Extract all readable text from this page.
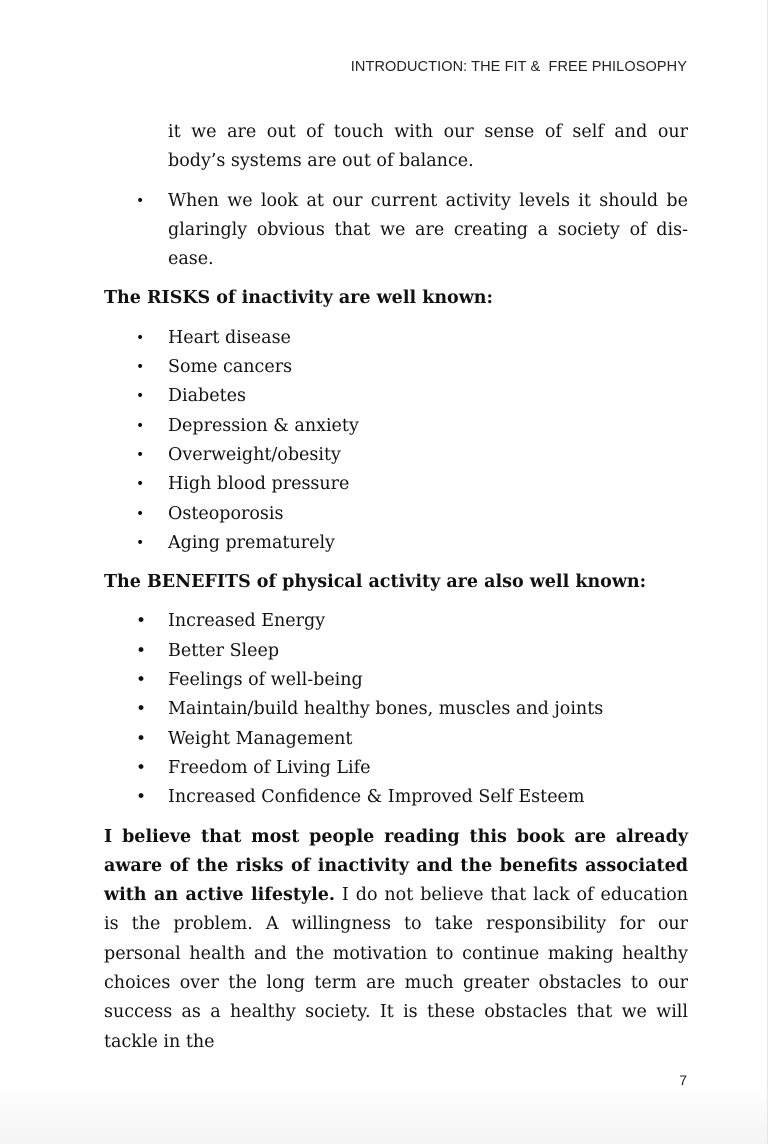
INTRODUCTION: THE FIT &  FREE PHILOSOPHY

it we are out of touch with our sense of self and our body’s systems are out of balance.

• When we look at our current activity levels it should be glaringly obvious that we are creating a society of dis-ease.

The RISKS of inactivity are well known:

• Heart disease
• Some cancers
• Diabetes
• Depression & anxiety
• Overweight/obesity
• High blood pressure
• Osteoporosis
• Aging prematurely

The BENEFITS of physical activity are also well known:

• Increased Energy
• Better Sleep
• Feelings of well-being
• Maintain/build healthy bones, muscles and joints
• Weight Management
• Freedom of Living Life
• Increased Confidence & Improved Self Esteem

I believe that most people reading this book are already aware of the risks of inactivity and the benefits associated with an active lifestyle. I do not believe that lack of education is the problem. A willingness to take responsibility for our personal health and the motivation to continue making healthy choices over the long term are much greater obstacles to our success as a healthy society. It is these obstacles that we will tackle in the

7
